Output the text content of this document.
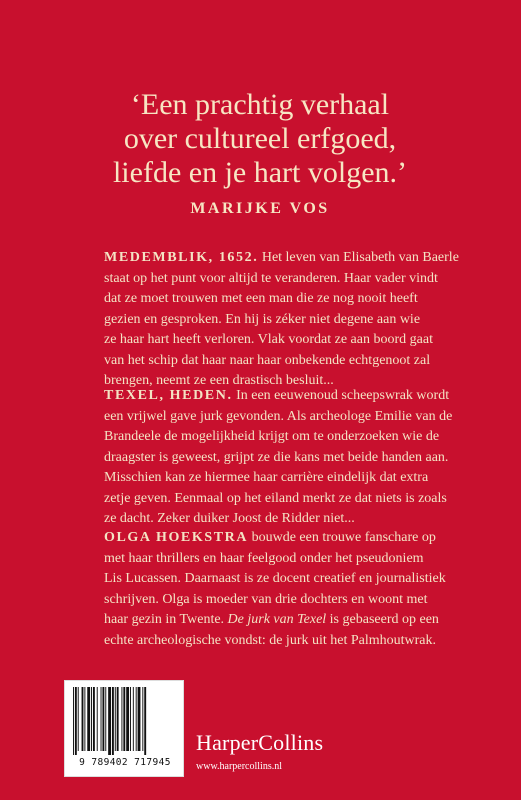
‘Een prachtig verhaal
over cultureel erfgoed,
liefde en je hart volgen.’
MARIJKE VOS
MEDEMBLIK, 1652. Het leven van Elisabeth van Baerle
staat op het punt voor altijd te veranderen. Haar vader vindt
dat ze moet trouwen met een man die ze nog nooit heeft
gezien en gesproken. En hij is zéker niet degene aan wie
ze haar hart heeft verloren. Vlak voordat ze aan boord gaat
van het schip dat haar naar haar onbekende echtgenoot zal
brengen, neemt ze een drastisch besluit...
TEXEL, HEDEN. In een eeuwenoud scheepswrak wordt
een vrijwel gave jurk gevonden. Als archeologe Emilie van de
Brandeele de mogelijkheid krijgt om te onderzoeken wie de
draagster is geweest, grijpt ze die kans met beide handen aan.
Misschien kan ze hiermee haar carrière eindelijk dat extra
zetje geven. Eenmaal op het eiland merkt ze dat niets is zoals
ze dacht. Zeker duiker Joost de Ridder niet...
OLGA HOEKSTRA bouwde een trouwe fanschare op
met haar thrillers en haar feelgood onder het pseudoniem
Lis Lucassen. Daarnaast is ze docent creatief en journalistiek
schrijven. Olga is moeder van drie dochters en woont met
haar gezin in Twente. De jurk van Texel is gebaseerd op een
echte archeologische vondst: de jurk uit het Palmhoutwrak.
9 789402 717945
HarperCollins
www.harpercollins.nl
